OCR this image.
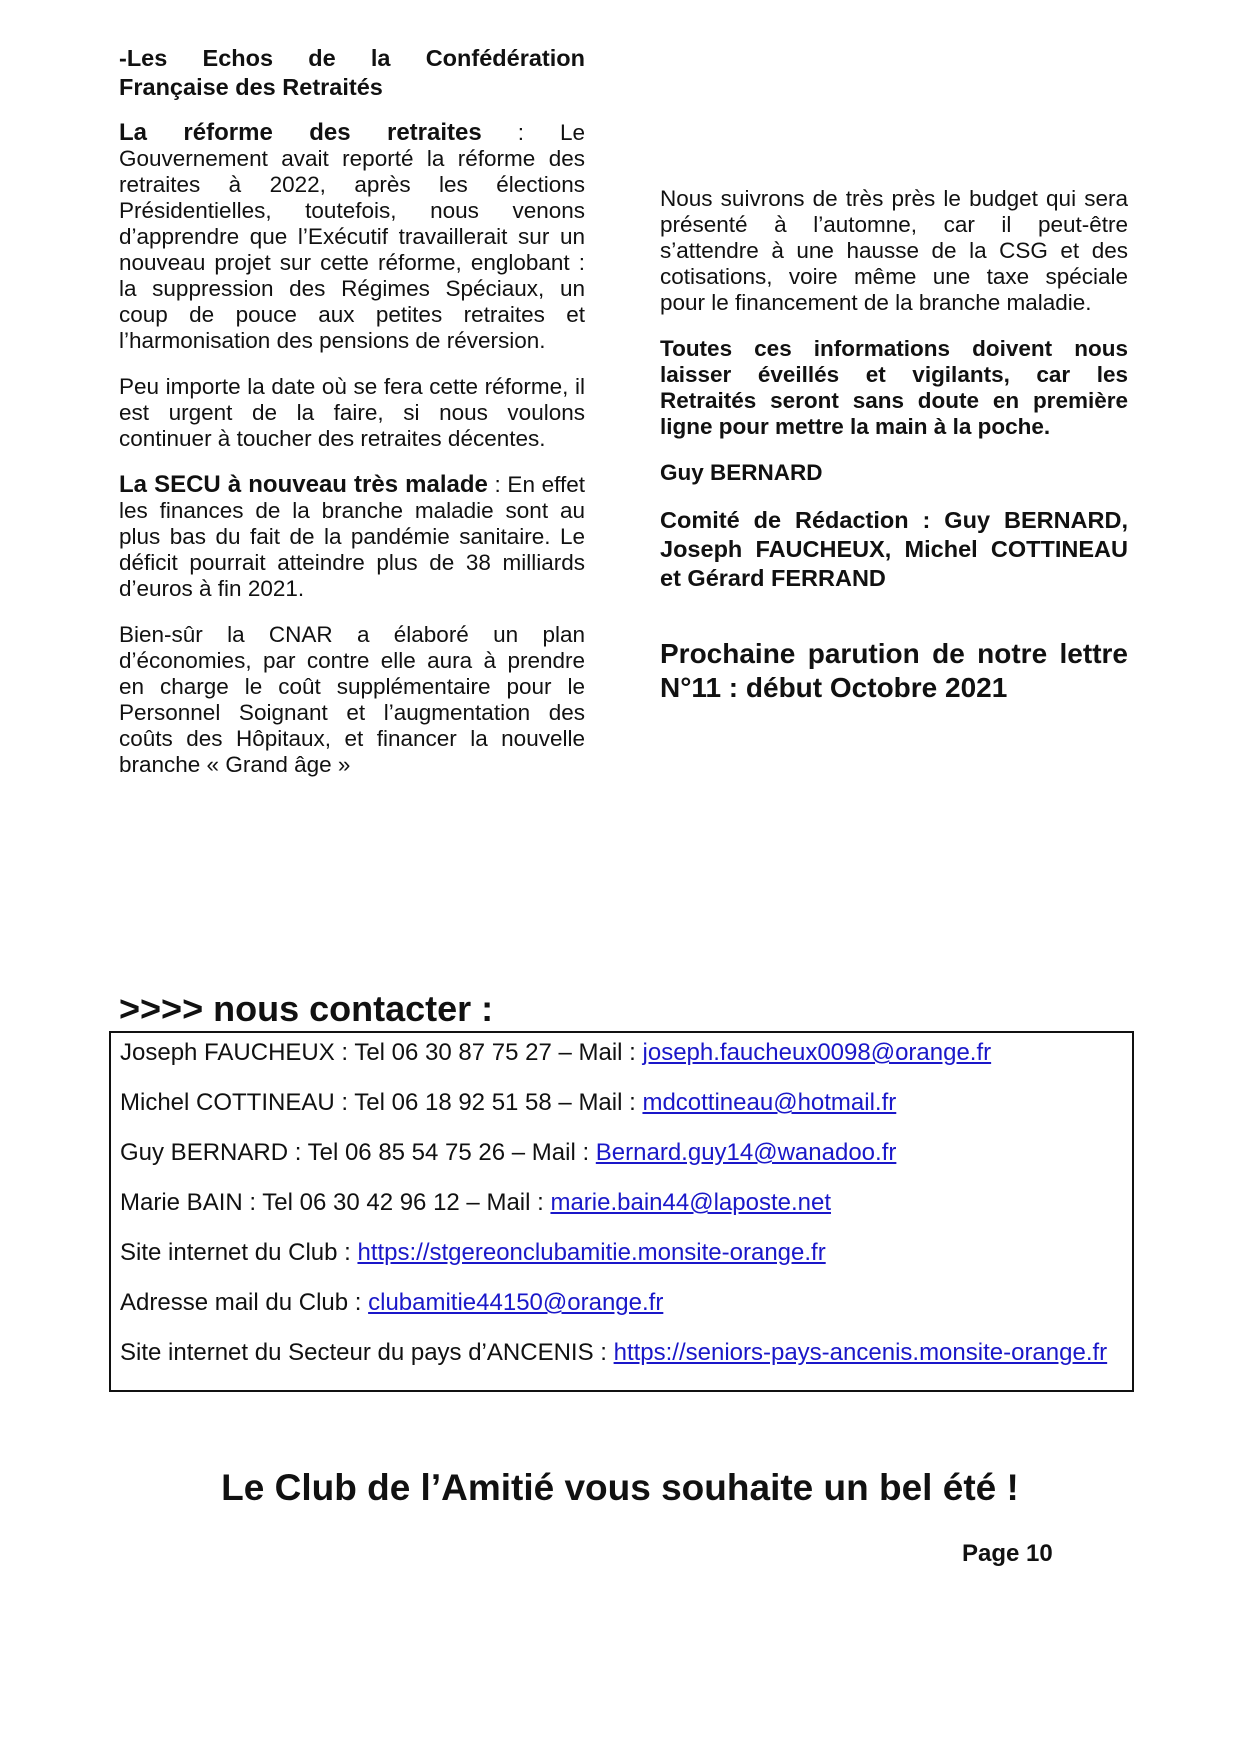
-Les Echos de la Confédération Française des Retraités

La réforme des retraites : Le Gouvernement avait reporté la réforme des retraites à 2022, après les élections Présidentielles, toutefois, nous venons d’apprendre que l’Exécutif travaillerait sur un nouveau projet sur cette réforme, englobant : la suppression des Régimes Spéciaux, un coup de pouce aux petites retraites et l’harmonisation des pensions de réversion.

Peu importe la date où se fera cette réforme, il est urgent de la faire, si nous voulons continuer à toucher des retraites décentes.

La SECU à nouveau très malade : En effet les finances de la branche maladie sont au plus bas du fait de la pandémie sanitaire. Le déficit pourrait atteindre plus de 38 milliards d’euros à fin 2021.

Bien-sûr la CNAR a élaboré un plan d’économies, par contre elle aura à prendre en charge le coût supplémentaire pour le Personnel Soignant et l’augmentation des coûts des Hôpitaux, et financer la nouvelle branche « Grand âge »

Nous suivrons de très près le budget qui sera présenté à l’automne, car il peut-être s’attendre à une hausse de la CSG et des cotisations, voire même une taxe spéciale pour le financement de la branche maladie.

Toutes ces informations doivent nous laisser éveillés et vigilants, car les Retraités seront sans doute en première ligne pour mettre la main à la poche.

Guy BERNARD

Comité de Rédaction : Guy BERNARD, Joseph FAUCHEUX, Michel COTTINEAU et Gérard FERRAND

Prochaine parution de notre lettre N°11 : début Octobre 2021

>>>> nous contacter :

Joseph FAUCHEUX : Tel 06 30 87 75 27 – Mail : joseph.faucheux0098@orange.fr

Michel COTTINEAU : Tel 06 18 92 51 58 – Mail : mdcottineau@hotmail.fr

Guy BERNARD : Tel 06 85 54 75 26 – Mail : Bernard.guy14@wanadoo.fr

Marie BAIN : Tel 06 30 42 96 12 – Mail : marie.bain44@laposte.net

Site internet du Club : https://stgereonclubamitie.monsite-orange.fr

Adresse mail du Club : clubamitie44150@orange.fr

Site internet du Secteur du pays d’ANCENIS : https://seniors-pays-ancenis.monsite-orange.fr

Le Club de l’Amitié vous souhaite un bel été !

Page 10
